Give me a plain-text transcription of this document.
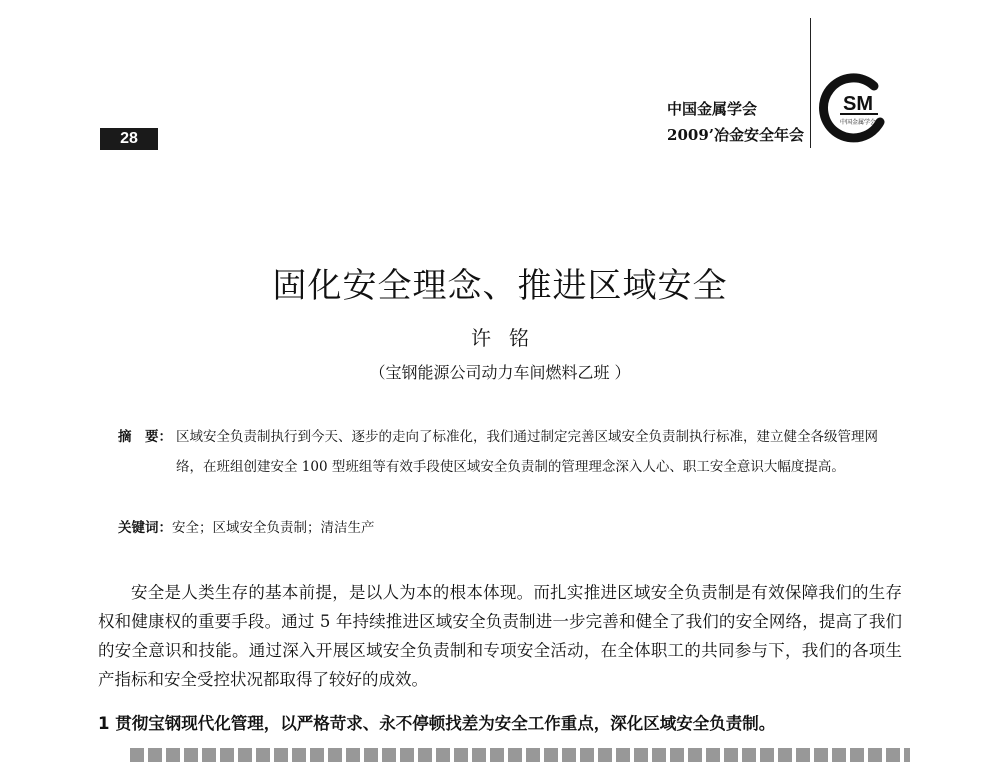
28
中国金属学会
2009’冶金安全年会
SM
中国金属学会
固化安全理念、推进区域安全
许铭
（宝钢能源公司动力车间燃料乙班 ）
摘　要： 区域安全负责制执行到今天、逐步的走向了标准化，我们通过制定完善区域安全负责制执行标准，建立健全各级管理网络，在班组创建安全 100 型班组等有效手段使区域安全负责制的管理理念深入人心、职工安全意识大幅度提高。
关键词：安全；区域安全负责制；清洁生产

安全是人类生存的基本前提，是以人为本的根本体现。而扎实推进区域安全负责制是有效保障我们的生存权和健康权的重要手段。通过 5 年持续推进区域安全负责制进一步完善和健全了我们的安全网络，提高了我们的安全意识和技能。通过深入开展区域安全负责制和专项安全活动，在全体职工的共同参与下，我们的各项生产指标和安全受控状况都取得了较好的成效。

1 贯彻宝钢现代化管理，以严格苛求、永不停顿找差为安全工作重点，深化区域安全负责制。
